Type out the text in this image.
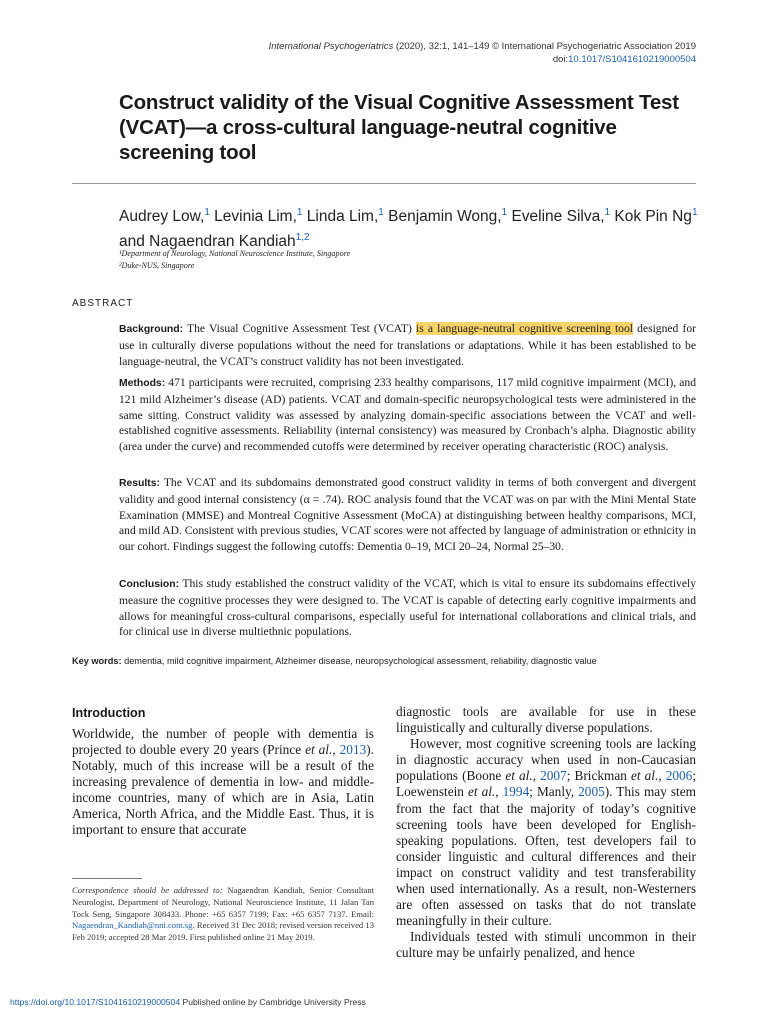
International Psychogeriatrics (2020), 32:1, 141–149 © International Psychogeriatric Association 2019
doi:10.1017/S1041610219000504
Construct validity of the Visual Cognitive Assessment Test (VCAT)—a cross-cultural language-neutral cognitive screening tool
Audrey Low,$^1$ Levinia Lim,$^1$ Linda Lim,$^1$ Benjamin Wong,$^1$ Eveline Silva,$^1$ Kok Pin Ng$^1$ and Nagaendran Kandiah$^{1,2}$
¹Department of Neurology, National Neuroscience Institute, Singapore
²Duke-NUS, Singapore
ABSTRACT

Background: The Visual Cognitive Assessment Test (VCAT) is a language-neutral cognitive screening tool designed for use in culturally diverse populations without the need for translations or adaptations. While it has been established to be language-neutral, the VCAT’s construct validity has not been investigated.

Methods: 471 participants were recruited, comprising 233 healthy comparisons, 117 mild cognitive impairment (MCI), and 121 mild Alzheimer’s disease (AD) patients. VCAT and domain-specific neuropsychological tests were administered in the same sitting. Construct validity was assessed by analyzing domain-specific associations between the VCAT and well-established cognitive assessments. Reliability (internal consistency) was measured by Cronbach’s alpha. Diagnostic ability (area under the curve) and recommended cutoffs were determined by receiver operating characteristic (ROC) analysis.

Results: The VCAT and its subdomains demonstrated good construct validity in terms of both convergent and divergent validity and good internal consistency (α = .74). ROC analysis found that the VCAT was on par with the Mini Mental State Examination (MMSE) and Montreal Cognitive Assessment (MoCA) at distinguishing between healthy comparisons, MCI, and mild AD. Consistent with previous studies, VCAT scores were not affected by language of administration or ethnicity in our cohort. Findings suggest the following cutoffs: Dementia 0–19, MCI 20–24, Normal 25–30.

Conclusion: This study established the construct validity of the VCAT, which is vital to ensure its subdomains effectively measure the cognitive processes they were designed to. The VCAT is capable of detecting early cognitive impairments and allows for meaningful cross-cultural comparisons, especially useful for international collaborations and clinical trials, and for clinical use in diverse multiethnic populations.

Key words: dementia, mild cognitive impairment, Alzheimer disease, neuropsychological assessment, reliability, diagnostic value
Introduction

Worldwide, the number of people with dementia is projected to double every 20 years (Prince et al., 2013). Notably, much of this increase will be a result of the increasing prevalence of dementia in low- and middle-income countries, many of which are in Asia, Latin America, North Africa, and the Middle East. Thus, it is important to ensure that accurate

Correspondence should be addressed to: Nagaendran Kandiah, Senior Consultant Neurologist, Department of Neurology, National Neuroscience Institute, 11 Jalan Tan Tock Seng, Singapore 308433. Phone: +65 6357 7199; Fax: +65 6357 7137. Email: Nagaendran_Kandiah@nni.com.sg. Received 31 Dec 2018; revised version received 13 Feb 2019; accepted 28 Mar 2019. First published online 21 May 2019.

diagnostic tools are available for use in these linguistically and culturally diverse populations.

However, most cognitive screening tools are lacking in diagnostic accuracy when used in non-Caucasian populations (Boone et al., 2007; Brickman et al., 2006; Loewenstein et al., 1994; Manly, 2005). This may stem from the fact that the majority of today’s cognitive screening tools have been developed for English-speaking populations. Often, test developers fail to consider linguistic and cultural differences and their impact on construct validity and test transferability when used internationally. As a result, non-Westerners are often assessed on tasks that do not translate meaningfully in their culture.

Individuals tested with stimuli uncommon in their culture may be unfairly penalized, and hence

https://doi.org/10.1017/S1041610219000504 Published online by Cambridge University Press
